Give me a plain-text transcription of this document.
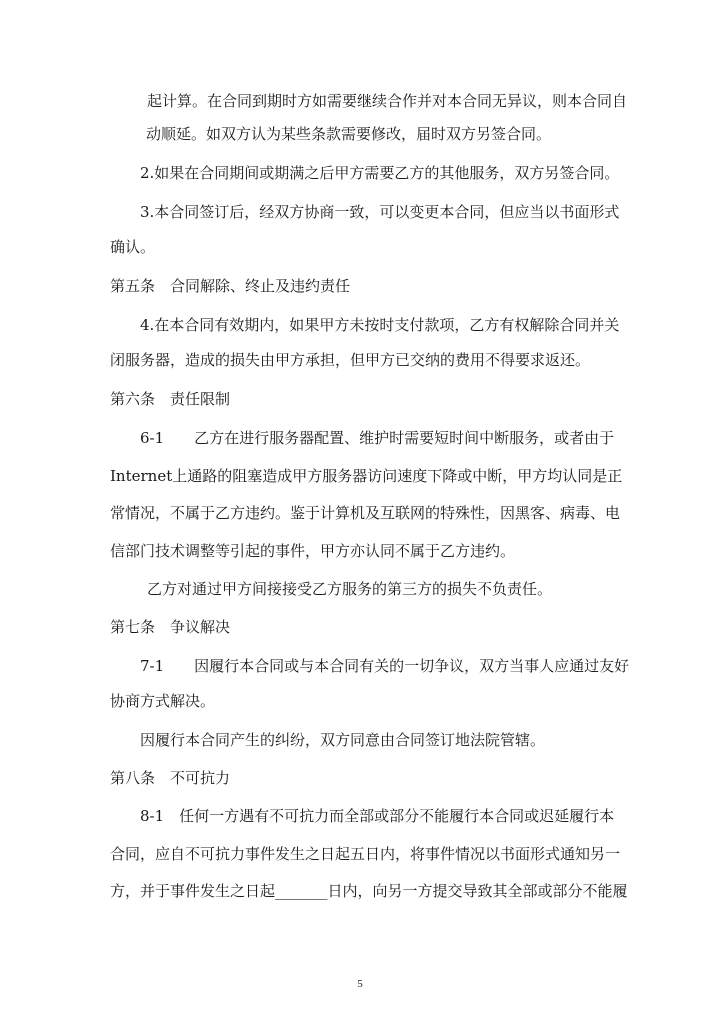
起计算。在合同到期时方如需要继续合作并对本合同无异议，则本合同自
动顺延。如双方认为某些条款需要修改，届时双方另签合同。
2.如果在合同期间或期满之后甲方需要乙方的其他服务，双方另签合同。
3.本合同签订后，经双方协商一致，可以变更本合同，但应当以书面形式
确认。
第五条　合同解除、终止及违约责任
4.在本合同有效期内，如果甲方未按时支付款项，乙方有权解除合同并关
闭服务器，造成的损失由甲方承担，但甲方已交纳的费用不得要求返还。
第六条　责任限制
6-1　　乙方在进行服务器配置、维护时需要短时间中断服务，或者由于
Internet上通路的阻塞造成甲方服务器访问速度下降或中断，甲方均认同是正
常情况，不属于乙方违约。鉴于计算机及互联网的特殊性，因黑客、病毒、电
信部门技术调整等引起的事件，甲方亦认同不属于乙方违约。
乙方对通过甲方间接接受乙方服务的第三方的损失不负责任。
第七条　争议解决
7-1　　因履行本合同或与本合同有关的一切争议，双方当事人应通过友好
协商方式解决。
因履行本合同产生的纠纷，双方同意由合同签订地法院管辖。
第八条　不可抗力
8-1　任何一方遇有不可抗力而全部或部分不能履行本合同或迟延履行本
合同，应自不可抗力事件发生之日起五日内，将事件情况以书面形式通知另一
方，并于事件发生之日起_______日内，向另一方提交导致其全部或部分不能履
5
